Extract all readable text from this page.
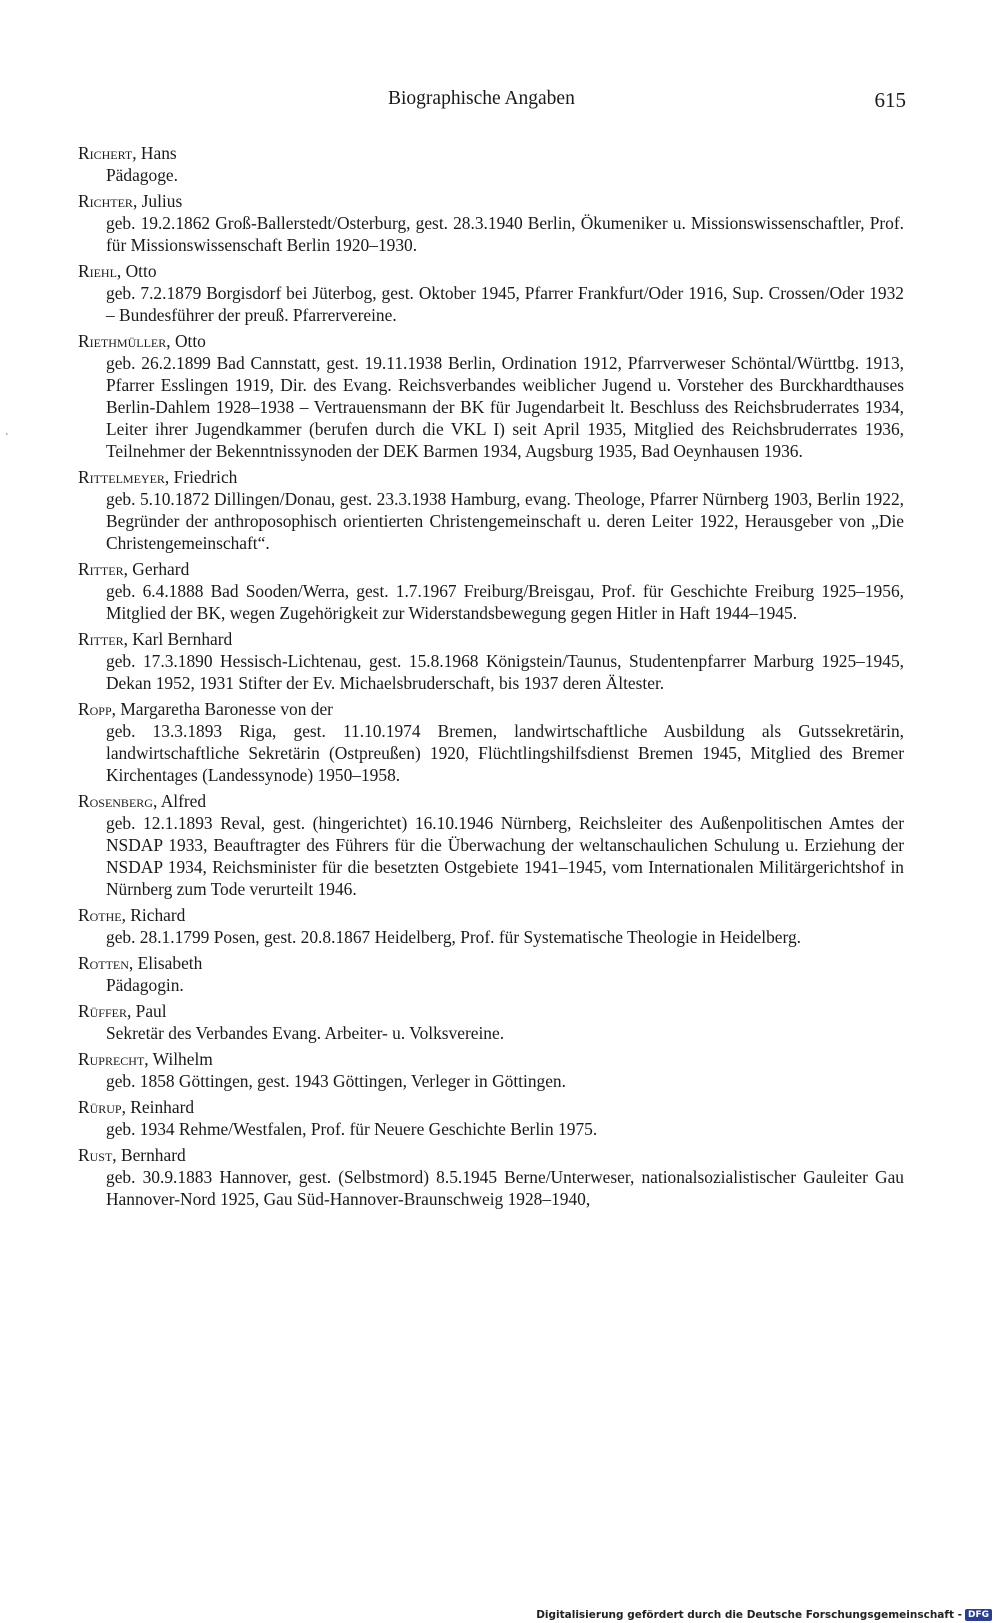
Biographische Angaben	615
'
Richert, Hans
Pädagoge.
Richter, Julius
geb. 19.2.1862 Groß-Ballerstedt/Osterburg, gest. 28.3.1940 Berlin, Ökumeniker u. Missionswissenschaftler, Prof. für Missionswissenschaft Berlin 1920–1930.
Riehl, Otto
geb. 7.2.1879 Borgisdorf bei Jüterbog, gest. Oktober 1945, Pfarrer Frankfurt/Oder 1916, Sup. Crossen/Oder 1932 – Bundesführer der preuß. Pfarrervereine.
Riethmüller, Otto
geb. 26.2.1899 Bad Cannstatt, gest. 19.11.1938 Berlin, Ordination 1912, Pfarrverweser Schöntal/Württbg. 1913, Pfarrer Esslingen 1919, Dir. des Evang. Reichsverbandes weiblicher Jugend u. Vorsteher des Burckhardthauses Berlin-Dahlem 1928–1938 – Vertrauensmann der BK für Jugendarbeit lt. Beschluss des Reichsbruderrates 1934, Leiter ihrer Jugendkammer (berufen durch die VKL I) seit April 1935, Mitglied des Reichsbruderrates 1936, Teilnehmer der Bekenntnissynoden der DEK Barmen 1934, Augsburg 1935, Bad Oeynhausen 1936.
Rittelmeyer, Friedrich
geb. 5.10.1872 Dillingen/Donau, gest. 23.3.1938 Hamburg, evang. Theologe, Pfarrer Nürnberg 1903, Berlin 1922, Begründer der anthroposophisch orientierten Christengemeinschaft u. deren Leiter 1922, Herausgeber von „Die Christengemeinschaft“.
Ritter, Gerhard
geb. 6.4.1888 Bad Sooden/Werra, gest. 1.7.1967 Freiburg/Breisgau, Prof. für Geschichte Freiburg 1925–1956, Mitglied der BK, wegen Zugehörigkeit zur Widerstandsbewegung gegen Hitler in Haft 1944–1945.
Ritter, Karl Bernhard
geb. 17.3.1890 Hessisch-Lichtenau, gest. 15.8.1968 Königstein/Taunus, Studentenpfarrer Marburg 1925–1945, Dekan 1952, 1931 Stifter der Ev. Michaelsbruderschaft, bis 1937 deren Ältester.
Ropp, Margaretha Baronesse von der
geb. 13.3.1893 Riga, gest. 11.10.1974 Bremen, landwirtschaftliche Ausbildung als Gutssekretärin, landwirtschaftliche Sekretärin (Ostpreußen) 1920, Flüchtlingshilfsdienst Bremen 1945, Mitglied des Bremer Kirchentages (Landessynode) 1950–1958.
Rosenberg, Alfred
geb. 12.1.1893 Reval, gest. (hingerichtet) 16.10.1946 Nürnberg, Reichsleiter des Außenpolitischen Amtes der NSDAP 1933, Beauftragter des Führers für die Überwachung der weltanschaulichen Schulung u. Erziehung der NSDAP 1934, Reichsminister für die besetzten Ostgebiete 1941–1945, vom Internationalen Militärgerichtshof in Nürnberg zum Tode verurteilt 1946.
Rothe, Richard
geb. 28.1.1799 Posen, gest. 20.8.1867 Heidelberg, Prof. für Systematische Theologie in Heidelberg.
Rotten, Elisabeth
Pädagogin.
Rüffer, Paul
Sekretär des Verbandes Evang. Arbeiter- u. Volksvereine.
Ruprecht, Wilhelm
geb. 1858 Göttingen, gest. 1943 Göttingen, Verleger in Göttingen.
Rürup, Reinhard
geb. 1934 Rehme/Westfalen, Prof. für Neuere Geschichte Berlin 1975.
Rust, Bernhard
geb. 30.9.1883 Hannover, gest. (Selbstmord) 8.5.1945 Berne/Unterweser, nationalsozialistischer Gauleiter Gau Hannover-Nord 1925, Gau Süd-Hannover-Braunschweig 1928–1940,
Digitalisierung gefördert durch die Deutsche Forschungsgemeinschaft - DFG
